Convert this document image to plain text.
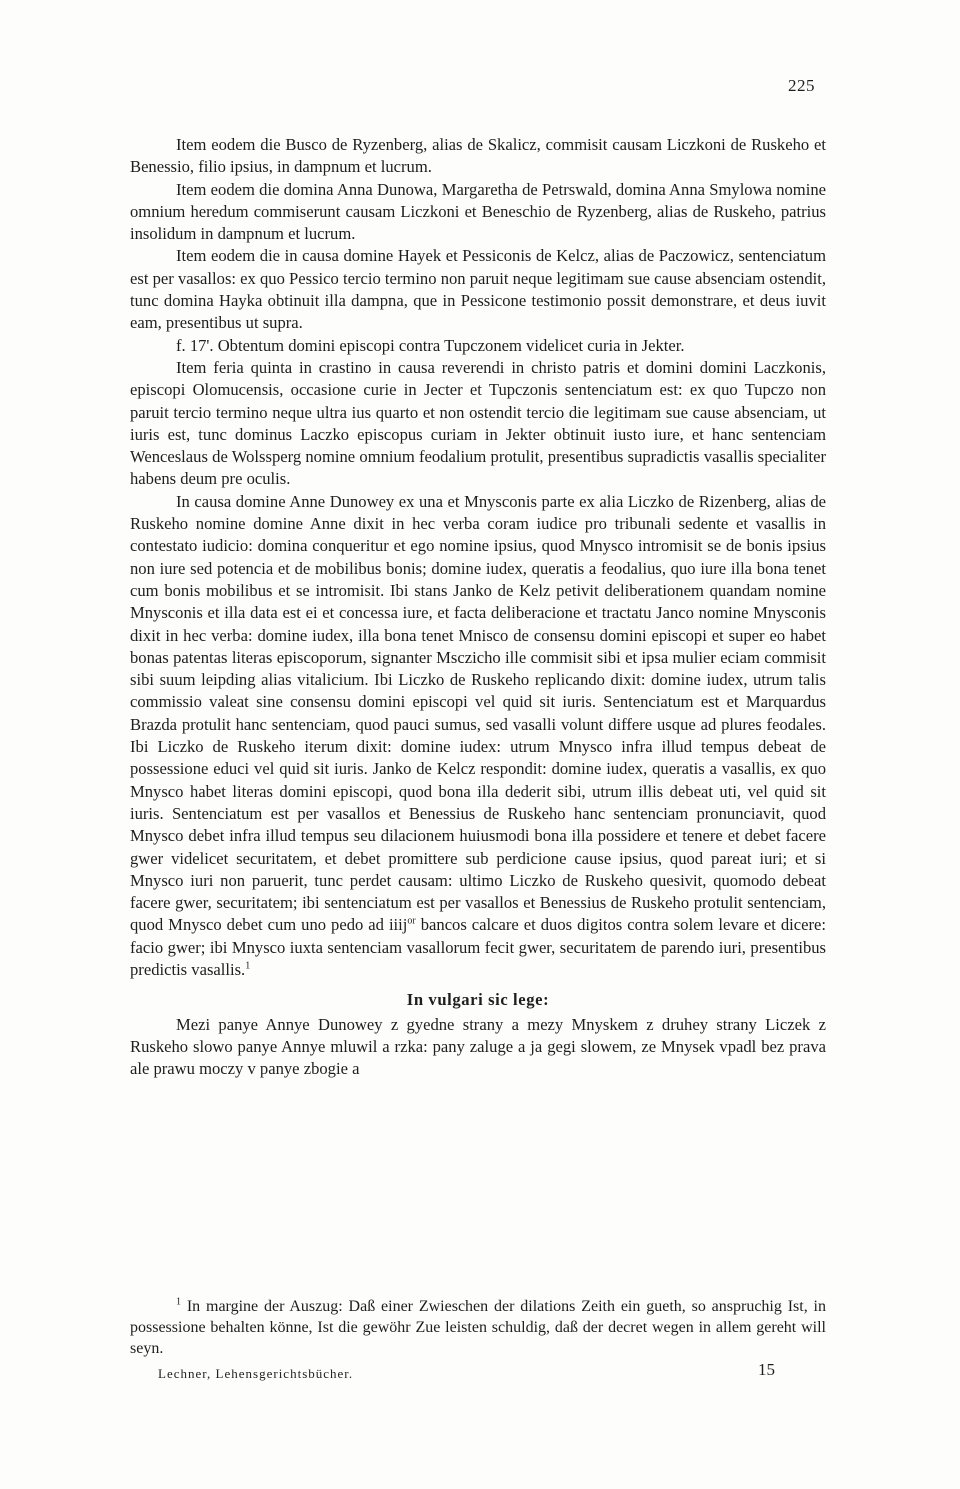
225

Item eodem die Busco de Ryzenberg, alias de Skalicz, commisit causam Liczkoni de Ruskeho et Benessio, filio ipsius, in dampnum et lucrum.

Item eodem die domina Anna Dunowa, Margaretha de Petrswald, domina Anna Smylowa nomine omnium heredum commiserunt causam Liczkoni et Beneschio de Ryzenberg, alias de Ruskeho, patrius insolidum in dampnum et lucrum.

Item eodem die in causa domine Hayek et Pessiconis de Kelcz, alias de Paczowicz, sentenciatum est per vasallos: ex quo Pessico tercio termino non paruit neque legitimam sue cause absenciam ostendit, tunc domina Hayka obtinuit illa dampna, que in Pessicone testimonio possit demonstrare, et deus iuvit eam, presentibus ut supra.

f. 17'. Obtentum domini episcopi contra Tupczonem videlicet curia in Jekter.

Item feria quinta in crastino in causa reverendi in christo patris et domini domini Laczkonis, episcopi Olomucensis, occasione curie in Jecter et Tupczonis sentenciatum est: ex quo Tupczo non paruit tercio termino neque ultra ius quarto et non ostendit tercio die legitimam sue cause absenciam, ut iuris est, tunc dominus Laczko episcopus curiam in Jekter obtinuit iusto iure, et hanc sentenciam Wenceslaus de Wolssperg nomine omnium feodalium protulit, presentibus supradictis vasallis specialiter habens deum pre oculis.

In causa domine Anne Dunowey ex una et Mnysconis parte ex alia Liczko de Rizenberg, alias de Ruskeho nomine domine Anne dixit in hec verba coram iudice pro tribunali sedente et vasallis in contestato iudicio: domina conqueritur et ego nomine ipsius, quod Mnysco intromisit se de bonis ipsius non iure sed potencia et de mobilibus bonis; domine iudex, queratis a feodalius, quo iure illa bona tenet cum bonis mobilibus et se intromisit. Ibi stans Janko de Kelz petivit deliberationem quandam nomine Mnysconis et illa data est ei et concessa iure, et facta deliberacione et tractatu Janco nomine Mnysconis dixit in hec verba: domine iudex, illa bona tenet Mnisco de consensu domini episcopi et super eo habet bonas patentas literas episcoporum, signanter Msczicho ille commisit sibi et ipsa mulier eciam commisit sibi suum leipding alias vitalicium. Ibi Liczko de Ruskeho replicando dixit: domine iudex, utrum talis commissio valeat sine consensu domini episcopi vel quid sit iuris. Sentenciatum est et Marquardus Brazda protulit hanc sentenciam, quod pauci sumus, sed vasalli volunt differe usque ad plures feodales. Ibi Liczko de Ruskeho iterum dixit: domine iudex: utrum Mnysco infra illud tempus debeat de possessione educi vel quid sit iuris. Janko de Kelcz respondit: domine iudex, queratis a vasallis, ex quo Mnysco habet literas domini episcopi, quod bona illa dederit sibi, utrum illis debeat uti, vel quid sit iuris. Sentenciatum est per vasallos et Benessius de Ruskeho hanc sentenciam pronunciavit, quod Mnysco debet infra illud tempus seu dilacionem huiusmodi bona illa possidere et tenere et debet facere gwer videlicet securitatem, et debet promittere sub perdicione cause ipsius, quod pareat iuri; et si Mnysco iuri non paruerit, tunc perdet causam: ultimo Liczko de Ruskeho quesivit, quomodo debeat facere gwer, securitatem; ibi sentenciatum est per vasallos et Benessius de Ruskeho protulit sentenciam, quod Mnysco debet cum uno pedo ad iiij$^{or}$ bancos calcare et duos digitos contra solem levare et dicere: facio gwer; ibi Mnysco iuxta sentenciam vasallorum fecit gwer, securitatem de parendo iuri, presentibus predictis vasallis.$^1$

In vulgari sic lege:

Mezi panye Annye Dunowey z gyedne strany a mezy Mnyskem z druhey strany Liczek z Ruskeho slowo panye Annye mluwil a rzka: pany zaluge a ja gegi slowem, ze Mnysek vpadl bez prava ale prawu moczy v panye zbogie a

$^1$ In margine der Auszug: Daß einer Zwieschen der dilations Zeith ein gueth, so anspruchig Ist, in possessione behalten könne, Ist die gewöhr Zue leisten schuldig, daß der decret wegen in allem gereht will seyn.

Lechner, Lehensgerichtsbücher.	15
